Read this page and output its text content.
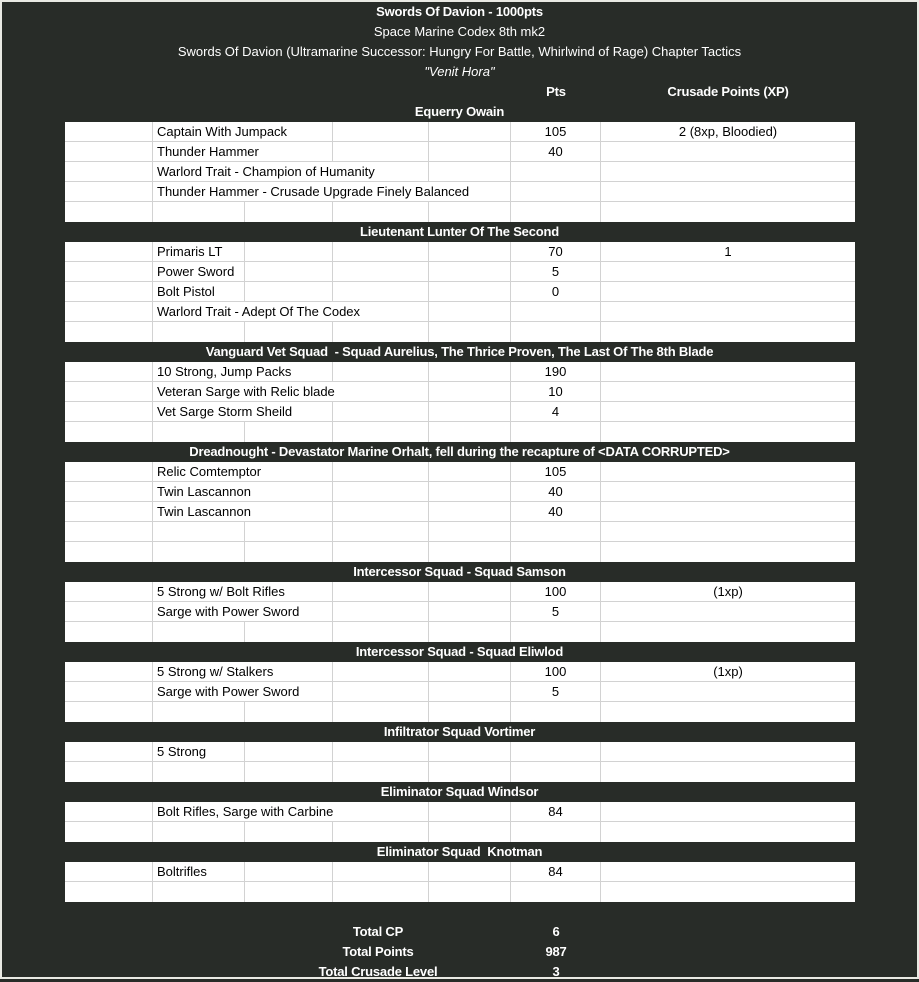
Swords Of Davion - 1000pts
Space Marine Codex 8th mk2
Swords Of Davion (Ultramarine Successor: Hungry For Battle, Whirlwind of Rage) Chapter Tactics
"Venit Hora"
Pts	Crusade Points (XP)
Equerry Owain
Captain With Jumpack	105	2 (8xp, Bloodied)
Thunder Hammer	40
Warlord Trait - Champion of Humanity
Thunder Hammer - Crusade Upgrade Finely Balanced
Lieutenant Lunter Of The Second
Primaris LT	70	1
Power Sword	5
Bolt Pistol	0
Warlord Trait - Adept Of The Codex
Vanguard Vet Squad  - Squad Aurelius, The Thrice Proven, The Last Of The 8th Blade
10 Strong, Jump Packs	190
Veteran Sarge with Relic blade	10
Vet Sarge Storm Sheild	4
Dreadnought - Devastator Marine Orhalt, fell during the recapture of <DATA CORRUPTED>
Relic Comtemptor	105
Twin Lascannon	40
Twin Lascannon	40
Intercessor Squad - Squad Samson
5 Strong w/ Bolt Rifles	100	(1xp)
Sarge with Power Sword	5
Intercessor Squad - Squad Eliwlod
5 Strong w/ Stalkers	100	(1xp)
Sarge with Power Sword	5
Infiltrator Squad Vortimer
5 Strong
Eliminator Squad Windsor
Bolt Rifles, Sarge with Carbine	84
Eliminator Squad  Knotman
Boltrifles	84
Total CP	6
Total Points	987
Total Crusade Level	3
